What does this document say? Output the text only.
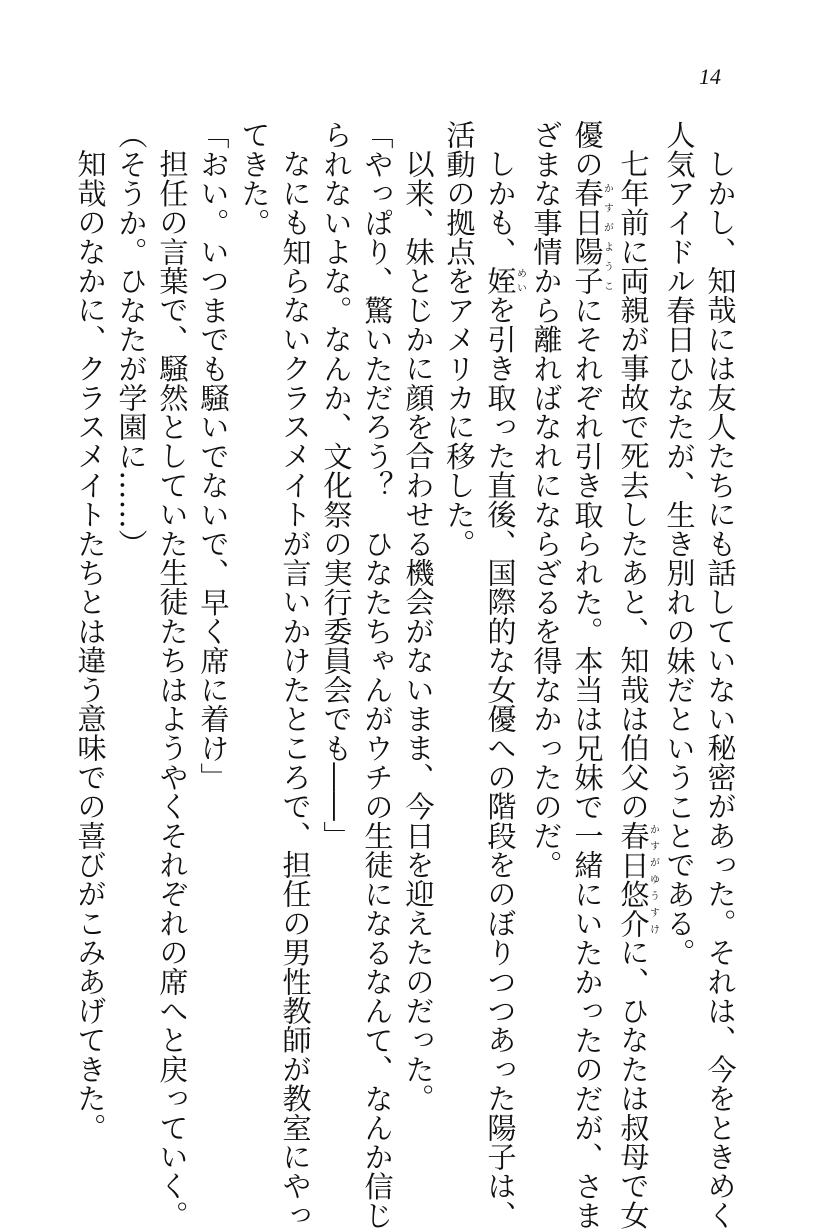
14
しかし、知哉には友人たちにも話していない秘密があった。それは、今をときめく
人気アイドル春日ひなたが、生き別れの妹だということである。
七年前に両親が事故で死去したあと、知哉は伯父の春日悠介かすがゆうすけに、ひなたは叔母で女
優の春日陽子かすがようこにそれぞれ引き取られた。本当は兄妹で一緒にいたかったのだが、さま
ざまな事情から離ればなれにならざるを得なかったのだ。
しかも、姪めいを引き取った直後、国際的な女優への階段をのぼりつつあった陽子は、
活動の拠点をアメリカに移した。
以来、妹とじかに顔を合わせる機会がないまま、今日を迎えたのだった。
「やっぱり、驚いただろう？　ひなたちゃんがウチの生徒になるなんて、なんか信じ
られないよな。なんか、文化祭の実行委員会でも――」
なにも知らないクラスメイトが言いかけたところで、担任の男性教師が教室にやっ
てきた。
「おい。いつまでも騒いでないで、早く席に着け」
担任の言葉で、騒然としていた生徒たちはようやくそれぞれの席へと戻っていく。
（そうか。ひなたが学園に……）
知哉のなかに、クラスメイトたちとは違う意味での喜びがこみあげてきた。
